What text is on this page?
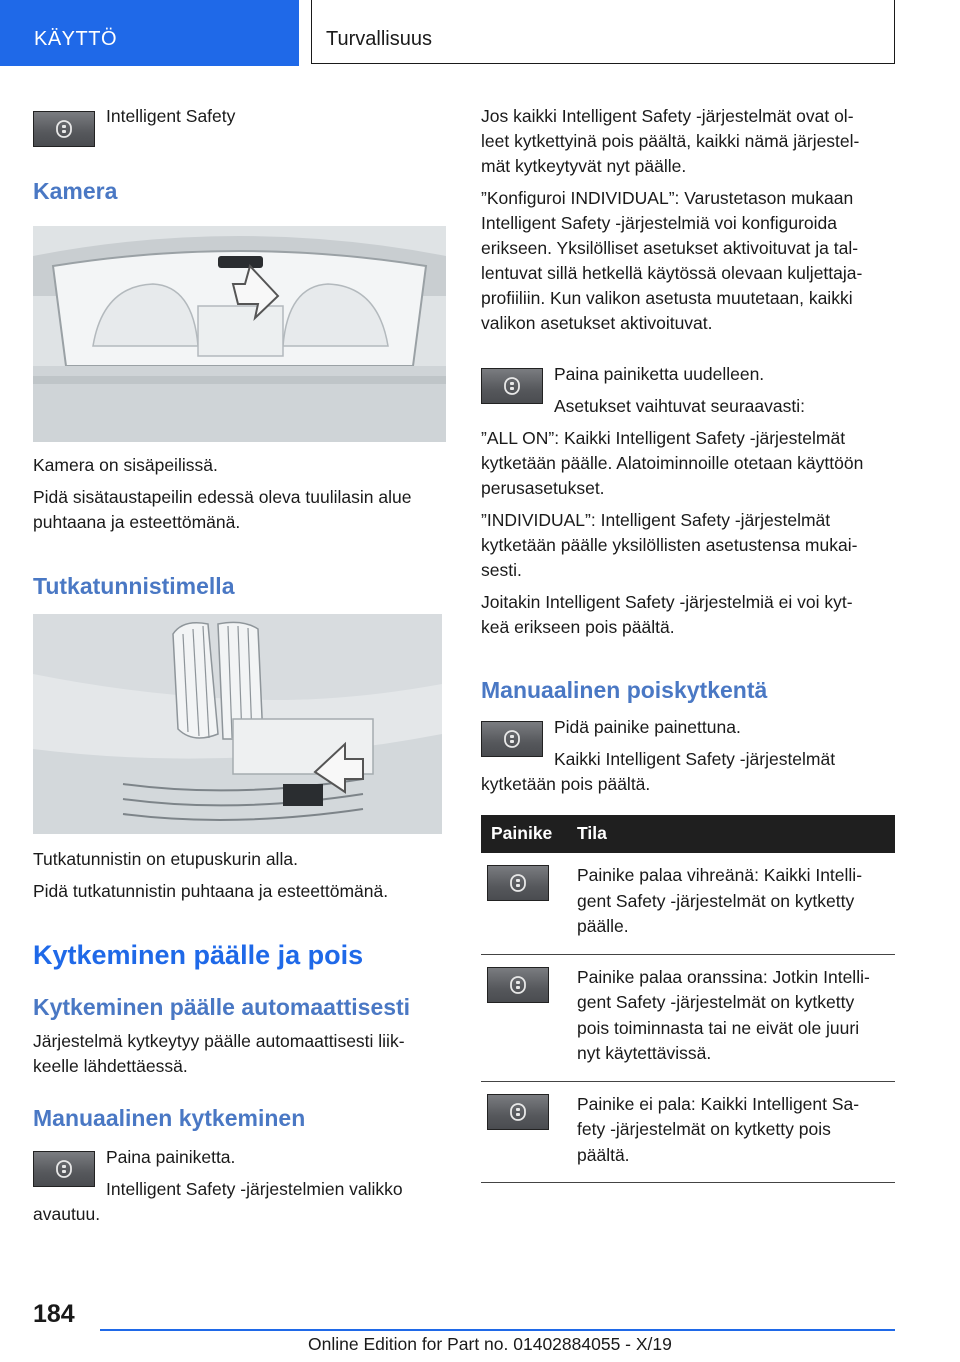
KÄYTTÖ	Turvallisuus

Intelligent Safety

Kamera

Kamera on sisäpeilissä.

Pidä sisätaustapeilin edessä oleva tuulilasin alue

puhtaana ja esteettömänä.

Tutkatunnistimella

Tutkatunnistin on etupuskurin alla.

Pidä tutkatunnistin puhtaana ja esteettömänä.

Kytkeminen päälle ja pois
Kytkeminen päälle automaattisesti

Järjestelmä kytkeytyy päälle automaattisesti liik-

keelle lähdettäessä.

Manuaalinen kytkeminen

Paina painiketta.

Intelligent Safety -järjestelmien valikko

avautuu.

Jos kaikki Intelligent Safety -järjestelmät ovat ol-

leet kytkettyinä pois päältä, kaikki nämä järjestel-

mät kytkeytyvät nyt päälle.

”Konfiguroi INDIVIDUAL”: Varustetason mukaan

Intelligent Safety -järjestelmiä voi konfiguroida

erikseen. Yksilölliset asetukset aktivoituvat ja tal-

lentuvat sillä hetkellä käytössä olevaan kuljettaja-

profiiliin. Kun valikon asetusta muutetaan, kaikki

valikon asetukset aktivoituvat.

Paina painiketta uudelleen.

Asetukset vaihtuvat seuraavasti:

”ALL ON”: Kaikki Intelligent Safety -järjestelmät

kytketään päälle. Alatoiminnoille otetaan käyttöön

perusasetukset.

”INDIVIDUAL”: Intelligent Safety -järjestelmät

kytketään päälle yksilöllisten asetustensa mukai-

sesti.

Joitakin Intelligent Safety -järjestelmiä ei voi kyt-

keä erikseen pois päältä.

Manuaalinen poiskytkentä

Pidä painike painettuna.

Kaikki Intelligent Safety -järjestelmät

kytketään pois päältä.

Painike	Tila

Painike palaa vihreänä: Kaikki Intelli-
gent Safety -järjestelmät on kytketty
päälle.

Painike palaa oranssina: Jotkin Intelli-
gent Safety -järjestelmät on kytketty
pois toiminnasta tai ne eivät ole juuri
nyt käytettävissä.

Painike ei pala: Kaikki Intelligent Sa-
fety -järjestelmät on kytketty pois
päältä.
184
Online Edition for Part no. 01402884055 - X/19
